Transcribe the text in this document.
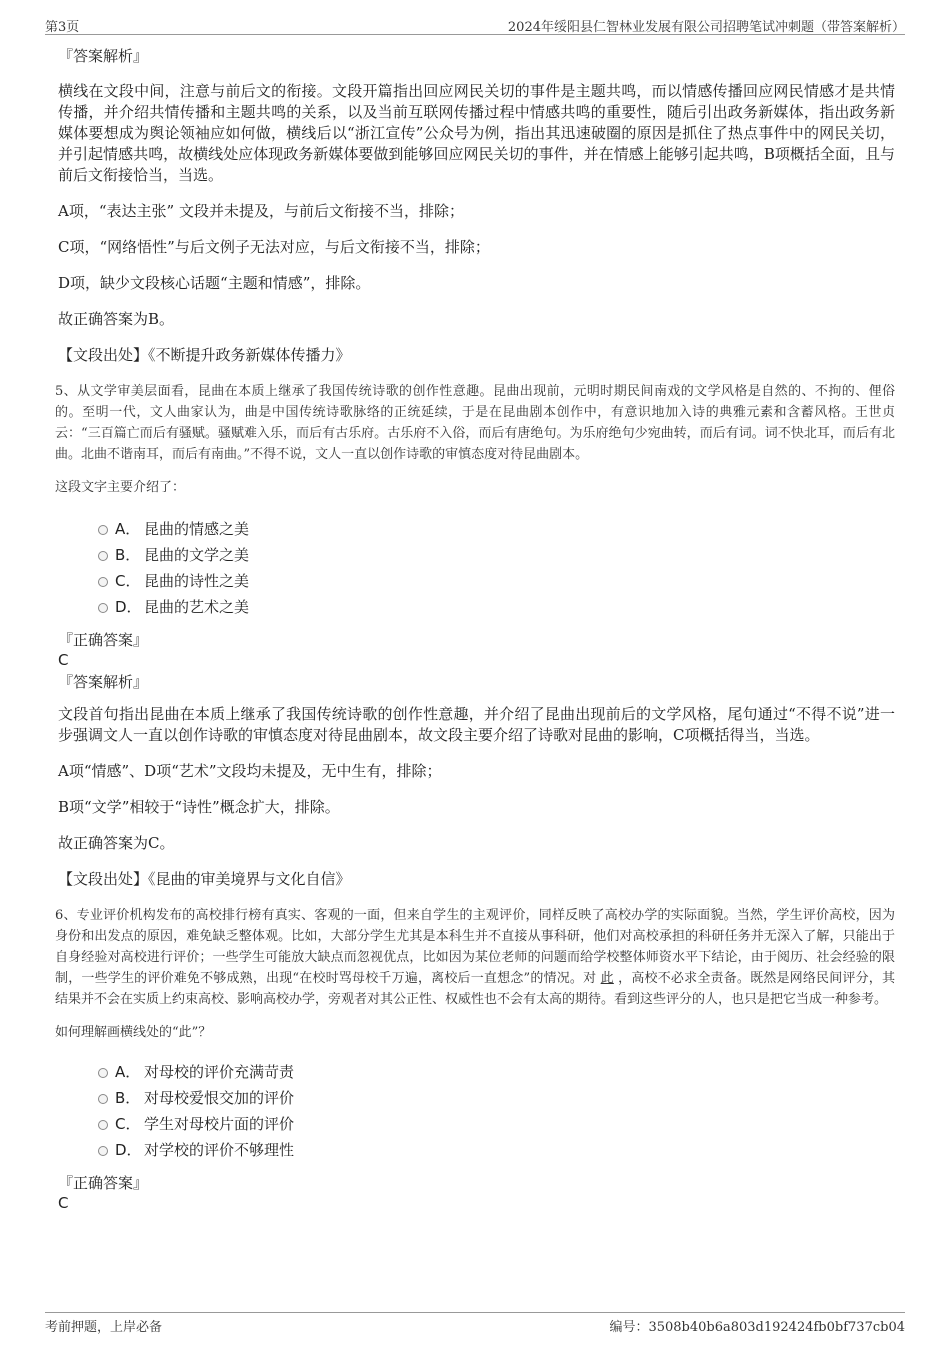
第3页	2024年绥阳县仁智林业发展有限公司招聘笔试冲刺题（带答案解析）
『答案解析』

横线在文段中间，注意与前后文的衔接。文段开篇指出回应网民关切的事件是主题共鸣，而以情感传播回应网民情感才是共情传播，并介绍共情传播和主题共鸣的关系，以及当前互联网传播过程中情感共鸣的重要性，随后引出政务新媒体，指出政务新媒体要想成为舆论领袖应如何做，横线后以“浙江宣传”公众号为例，指出其迅速破圈的原因是抓住了热点事件中的网民关切，并引起情感共鸣，故横线处应体现政务新媒体要做到能够回应网民关切的事件，并在情感上能够引起共鸣，B项概括全面，且与前后文衔接恰当，当选。

A项，“表达主张” 文段并未提及，与前后文衔接不当，排除；

C项，“网络悟性”与后文例子无法对应，与后文衔接不当，排除；

D项，缺少文段核心话题“主题和情感”，排除。

故正确答案为B。

【文段出处】《不断提升政务新媒体传播力》

5、从文学审美层面看，昆曲在本质上继承了我国传统诗歌的创作性意趣。昆曲出现前，元明时期民间南戏的文学风格是自然的、不拘的、俚俗的。至明一代，文人曲家认为，曲是中国传统诗歌脉络的正统延续，于是在昆曲剧本创作中，有意识地加入诗的典雅元素和含蓄风格。王世贞云：“三百篇亡而后有骚赋。骚赋难入乐，而后有古乐府。古乐府不入俗，而后有唐绝句。为乐府绝句少宛曲转，而后有词。词不快北耳，而后有北曲。北曲不谐南耳，而后有南曲。”不得不说，文人一直以创作诗歌的审慎态度对待昆曲剧本。

这段文字主要介绍了：

A． 昆曲的情感之美
B． 昆曲的文学之美
C． 昆曲的诗性之美
D． 昆曲的艺术之美
『正确答案』
C
『答案解析』

文段首句指出昆曲在本质上继承了我国传统诗歌的创作性意趣，并介绍了昆曲出现前后的文学风格，尾句通过“不得不说”进一步强调文人一直以创作诗歌的审慎态度对待昆曲剧本，故文段主要介绍了诗歌对昆曲的影响，C项概括得当，当选。

A项“情感”、D项“艺术”文段均未提及，无中生有，排除；

B项“文学”相较于“诗性”概念扩大，排除。

故正确答案为C。

【文段出处】《昆曲的审美境界与文化自信》

6、专业评价机构发布的高校排行榜有真实、客观的一面，但来自学生的主观评价，同样反映了高校办学的实际面貌。当然，学生评价高校，因为身份和出发点的原因，难免缺乏整体观。比如，大部分学生尤其是本科生并不直接从事科研，他们对高校承担的科研任务并无深入了解，只能出于自身经验对高校进行评价；一些学生可能放大缺点而忽视优点，比如因为某位老师的问题而给学校整体师资水平下结论，由于阅历、社会经验的限制，一些学生的评价难免不够成熟，出现“在校时骂母校千万遍，离校后一直想念”的情况。对 此 ，高校不必求全责备。既然是网络民间评分，其结果并不会在实质上约束高校、影响高校办学，旁观者对其公正性、权威性也不会有太高的期待。看到这些评分的人，也只是把它当成一种参考。

如何理解画横线处的“此”？

A． 对母校的评价充满苛责
B． 对母校爱恨交加的评价
C． 学生对母校片面的评价
D． 对学校的评价不够理性
『正确答案』
C
考前押题，上岸必备	编号：3508b40b6a803d192424fb0bf737cb04
